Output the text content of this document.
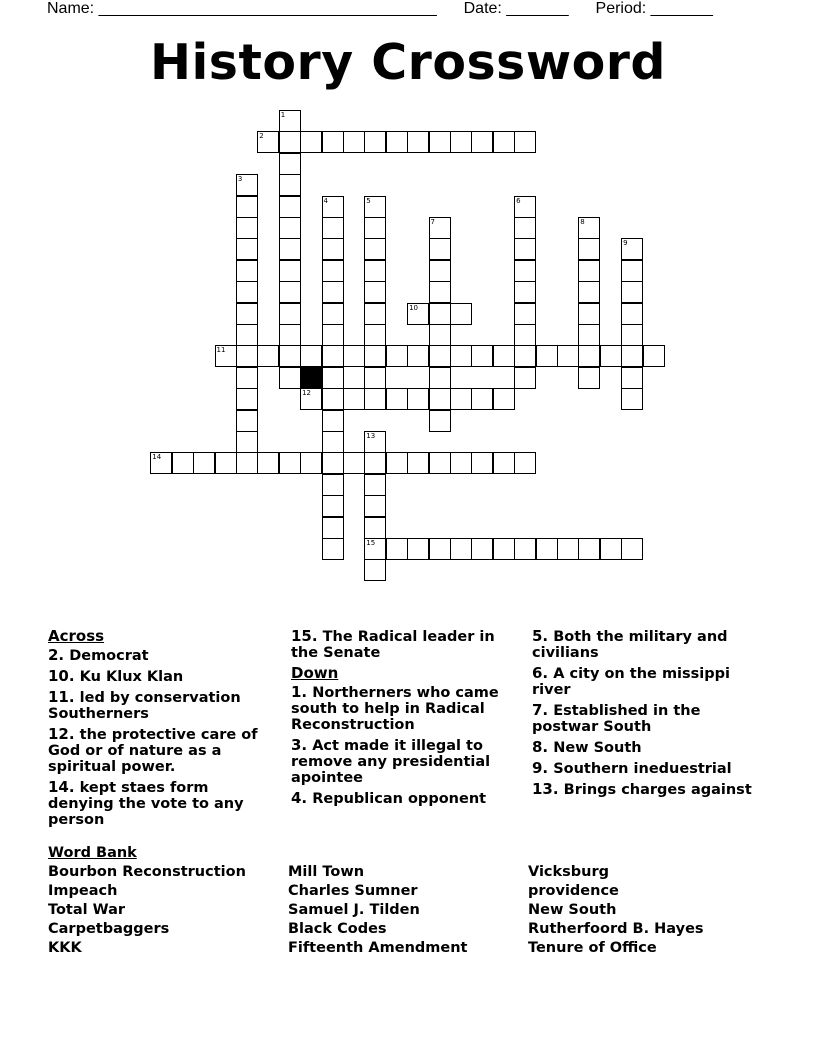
Name: ______________________________________ Date: _______ Period: _______
History Crossword
1
2
3
4	5	6
7	8
9
10
11
12
13
15
14
Across
2. Democrat
10. Ku Klux Klan
11. led by conservation Southerners
12. the protective care of God or of nature as a spiritual power.
14. kept staes form denying the vote to any person
15. The Radical leader in the Senate
Down
1. Northerners who came south to help in Radical Reconstruction
3. Act made it illegal to remove any presidential apointee
4. Republican opponent
5. Both the military and civilians
6. A city on the missippi river
7. Established in the postwar South
8. New South
9. Southern ineduestrial
13. Brings charges against
Word Bank
Bourbon Reconstruction
Impeach
Total War
Carpetbaggers
KKK
Mill Town
Charles Sumner
Samuel J. Tilden
Black Codes
Fifteenth Amendment
Vicksburg
providence
New South
Rutherfoord B. Hayes
Tenure of Office
